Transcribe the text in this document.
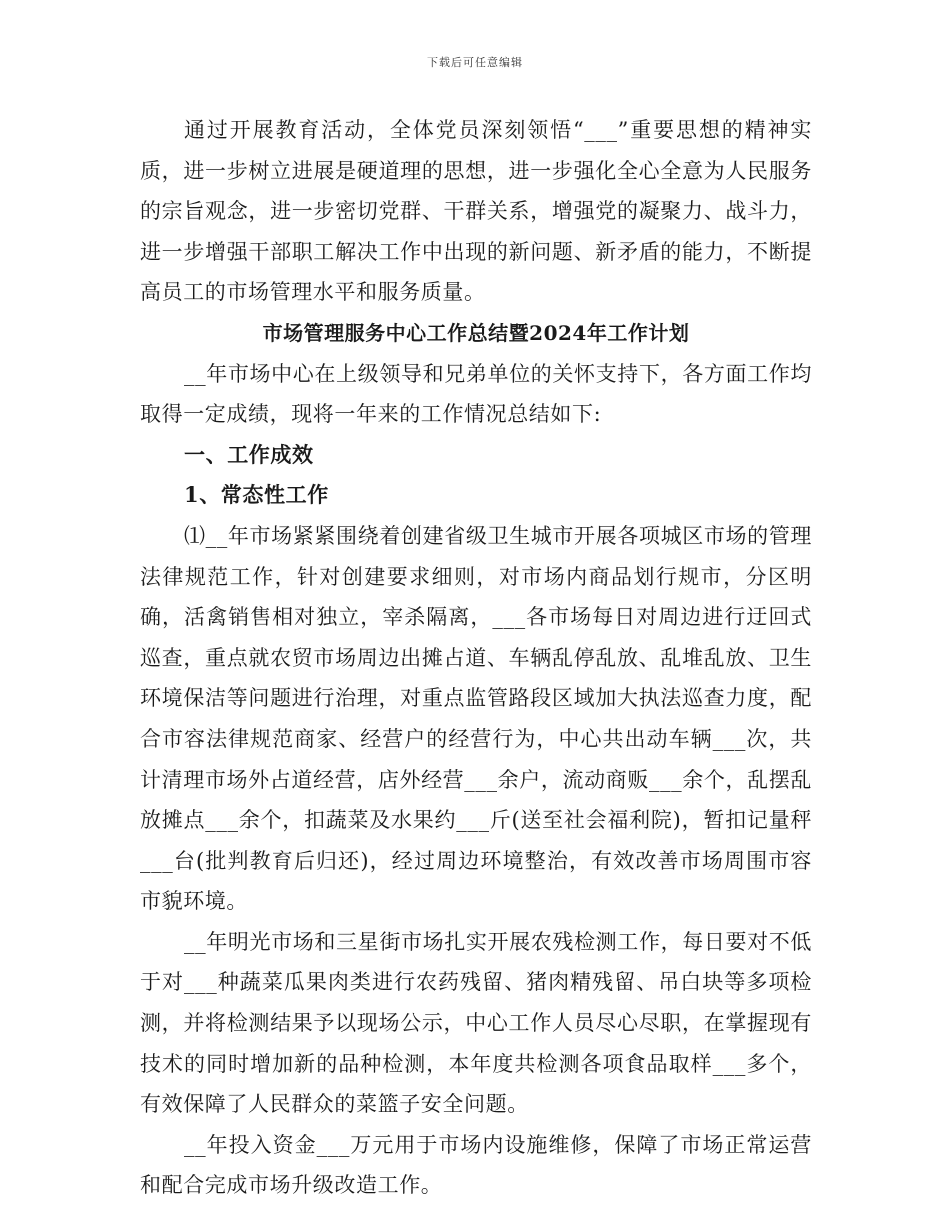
下载后可任意编辑

通过开展教育活动，全体党员深刻领悟“___”重要思想的精神实质，进一步树立进展是硬道理的思想，进一步强化全心全意为人民服务的宗旨观念，进一步密切党群、干群关系，增强党的凝聚力、战斗力，进一步增强干部职工解决工作中出现的新问题、新矛盾的能力，不断提高员工的市场管理水平和服务质量。

市场管理服务中心工作总结暨2024年工作计划

__年市场中心在上级领导和兄弟单位的关怀支持下，各方面工作均取得一定成绩，现将一年来的工作情况总结如下:

一、工作成效

1、常态性工作

⑴__年市场紧紧围绕着创建省级卫生城市开展各项城区市场的管理法律规范工作，针对创建要求细则，对市场内商品划行规市，分区明确，活禽销售相对独立，宰杀隔离，___各市场每日对周边进行迂回式巡查，重点就农贸市场周边出摊占道、车辆乱停乱放、乱堆乱放、卫生环境保洁等问题进行治理，对重点监管路段区域加大执法巡查力度，配合市容法律规范商家、经营户的经营行为，中心共出动车辆___次，共计清理市场外占道经营，店外经营___余户，流动商贩___余个，乱摆乱放摊点___余个，扣蔬菜及水果约___斤(送至社会福利院)，暂扣记量秤___台(批判教育后归还)，经过周边环境整治，有效改善市场周围市容市貌环境。

__年明光市场和三星街市场扎实开展农残检测工作，每日要对不低于对___种蔬菜瓜果肉类进行农药残留、猪肉精残留、吊白块等多项检测，并将检测结果予以现场公示，中心工作人员尽心尽职，在掌握现有技术的同时增加新的品种检测，本年度共检测各项食品取样___多个，有效保障了人民群众的菜篮子安全问题。

__年投入资金___万元用于市场内设施维修，保障了市场正常运营和配合完成市场升级改造工作。
